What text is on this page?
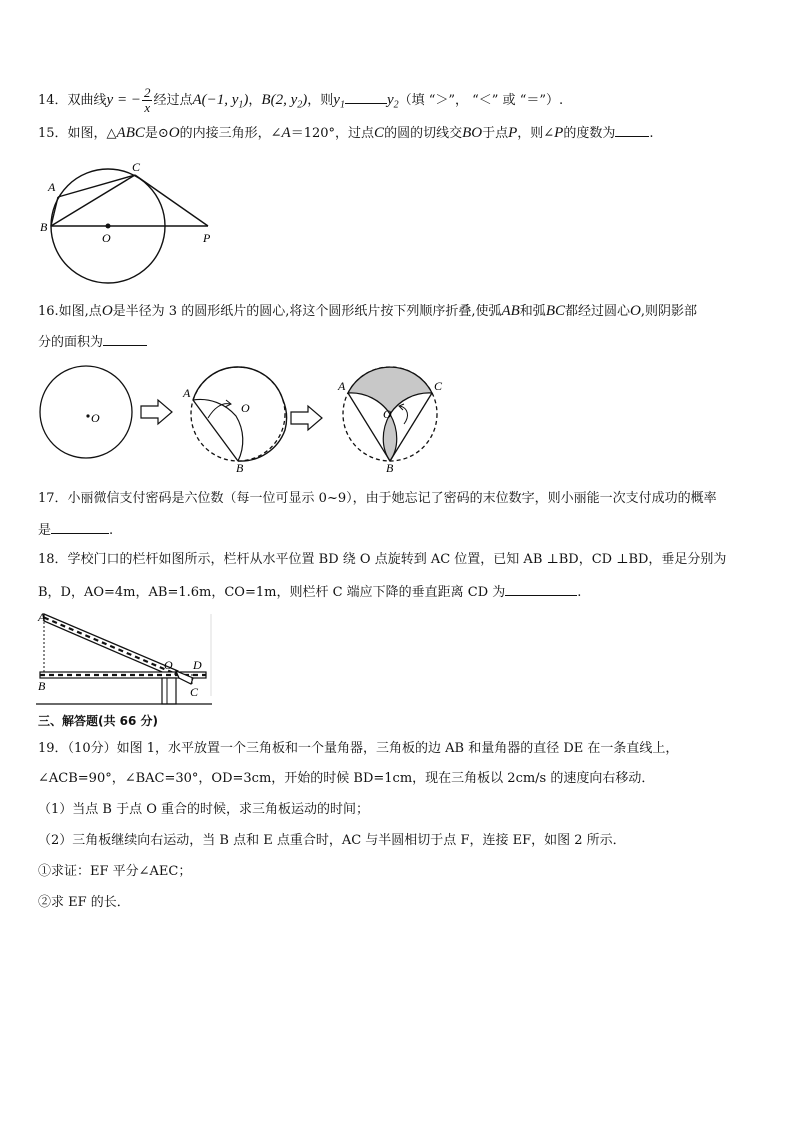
14．双曲线y = − $\frac{2}{x}$ 经过点A(−1, $y_1$)，B(2, $y_2$)，则$y_1$	$y_2$（填 “＞”， “＜” 或 “＝”）.
15．如图，△ABC是⊙O的内接三角形，∠A＝120°，过点C的圆的切线交BO于点P，则∠P的度数为	.
A
C
B
O	P
16.如图,点O是半径为 3 的圆形纸片的圆心,将这个圆形纸片按下列顺序折叠,使弧AB和弧BC都经过圆心O,则阴影部
分的面积为
O
A
O
B
A	C
O
B
17．小丽微信支付密码是六位数（每一位可显示 0~9），由于她忘记了密码的末位数字，则小丽能一次支付成功的概率
是	.
18．学校门口的栏杆如图所示，栏杆从水平位置 BD 绕 O 点旋转到 AC 位置，已知 AB ⊥BD，CD ⊥BD，垂足分别为
B，D，AO=4m，AB=1.6m，CO=1m，则栏杆 C 端应下降的垂直距离 CD 为	.
A
O D
B	C
三、解答题(共 66 分)
19．（10分）如图 1，水平放置一个三角板和一个量角器，三角板的边 AB 和量角器的直径 DE 在一条直线上，
∠ACB=90°，∠BAC=30°，OD=3cm，开始的时候 BD=1cm，现在三角板以 2cm/s 的速度向右移动．
（1）当点 B 于点 O 重合的时候，求三角板运动的时间；
（2）三角板继续向右运动，当 B 点和 E 点重合时，AC 与半圆相切于点 F，连接 EF，如图 2 所示．
①求证：EF 平分∠AEC；
②求 EF 的长．
